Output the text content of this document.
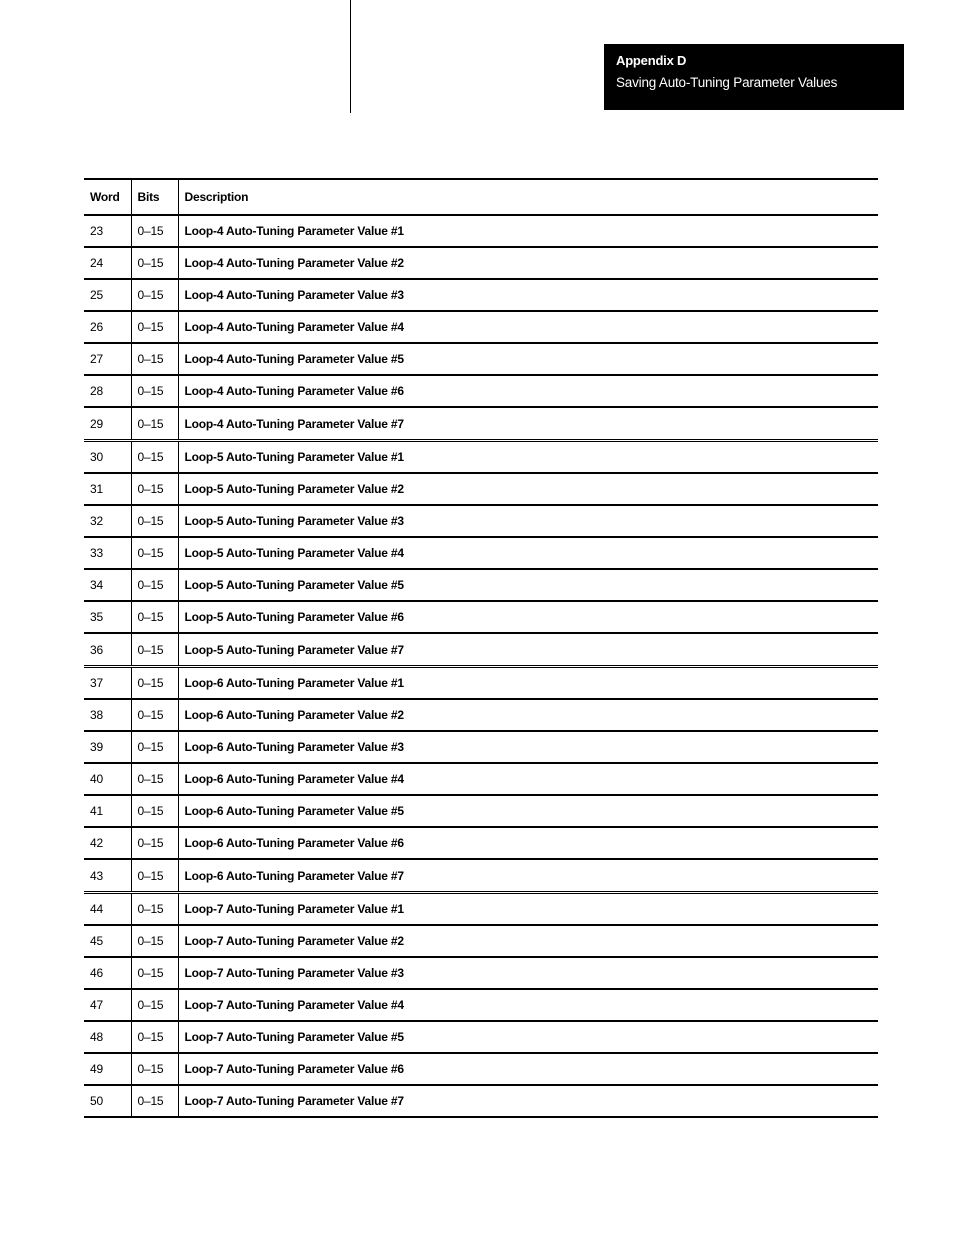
Appendix D
Saving Auto-Tuning Parameter Values
Word	Bits	Description
23	0–15	Loop-4 Auto-Tuning Parameter Value #1
24	0–15	Loop-4 Auto-Tuning Parameter Value #2
25	0–15	Loop-4 Auto-Tuning Parameter Value #3
26	0–15	Loop-4 Auto-Tuning Parameter Value #4
27	0–15	Loop-4 Auto-Tuning Parameter Value #5
28	0–15	Loop-4 Auto-Tuning Parameter Value #6
29	0–15	Loop-4 Auto-Tuning Parameter Value #7
30	0–15	Loop-5 Auto-Tuning Parameter Value #1
31	0–15	Loop-5 Auto-Tuning Parameter Value #2
32	0–15	Loop-5 Auto-Tuning Parameter Value #3
33	0–15	Loop-5 Auto-Tuning Parameter Value #4
34	0–15	Loop-5 Auto-Tuning Parameter Value #5
35	0–15	Loop-5 Auto-Tuning Parameter Value #6
36	0–15	Loop-5 Auto-Tuning Parameter Value #7
37	0–15	Loop-6 Auto-Tuning Parameter Value #1
38	0–15	Loop-6 Auto-Tuning Parameter Value #2
39	0–15	Loop-6 Auto-Tuning Parameter Value #3
40	0–15	Loop-6 Auto-Tuning Parameter Value #4
41	0–15	Loop-6 Auto-Tuning Parameter Value #5
42	0–15	Loop-6 Auto-Tuning Parameter Value #6
43	0–15	Loop-6 Auto-Tuning Parameter Value #7
44	0–15	Loop-7 Auto-Tuning Parameter Value #1
45	0–15	Loop-7 Auto-Tuning Parameter Value #2
46	0–15	Loop-7 Auto-Tuning Parameter Value #3
47	0–15	Loop-7 Auto-Tuning Parameter Value #4
48	0–15	Loop-7 Auto-Tuning Parameter Value #5
49	0–15	Loop-7 Auto-Tuning Parameter Value #6
50	0–15	Loop-7 Auto-Tuning Parameter Value #7
